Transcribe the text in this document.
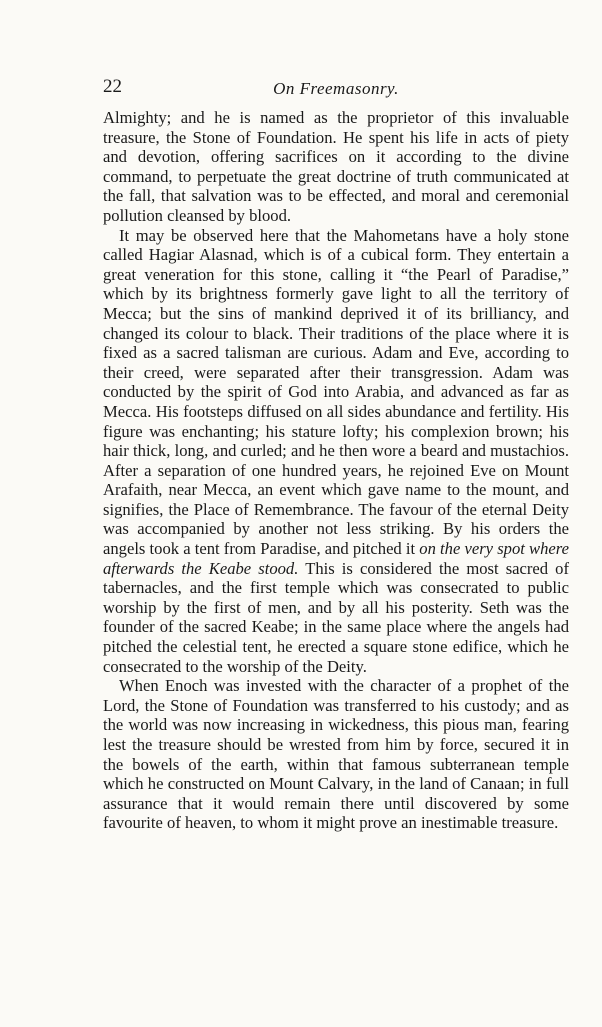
22	On Freemasonry.

Almighty; and he is named as the proprietor of this invaluable treasure, the Stone of Foundation. He spent his life in acts of piety and devotion, offering sacrifices on it according to the divine command, to perpetuate the great doctrine of truth communicated at the fall, that salvation was to be effected, and moral and ceremonial pollution cleansed by blood.

It may be observed here that the Mahometans have a holy stone called Hagiar Alasnad, which is of a cubical form. They entertain a great veneration for this stone, calling it “the Pearl of Paradise,” which by its brightness formerly gave light to all the territory of Mecca; but the sins of mankind deprived it of its brilliancy, and changed its colour to black. Their traditions of the place where it is fixed as a sacred talisman are curious. Adam and Eve, according to their creed, were separated after their transgression. Adam was conducted by the spirit of God into Arabia, and advanced as far as Mecca. His footsteps diffused on all sides abundance and fertility. His figure was enchanting; his stature lofty; his complexion brown; his hair thick, long, and curled; and he then wore a beard and mustachios. After a separation of one hundred years, he rejoined Eve on Mount Arafaith, near Mecca, an event which gave name to the mount, and signifies, the Place of Remembrance. The favour of the eternal Deity was accompanied by another not less striking. By his orders the angels took a tent from Paradise, and pitched it on the very spot where afterwards the Keabe stood. This is considered the most sacred of tabernacles, and the first temple which was consecrated to public worship by the first of men, and by all his posterity. Seth was the founder of the sacred Keabe; in the same place where the angels had pitched the celestial tent, he erected a square stone edifice, which he consecrated to the worship of the Deity.

When Enoch was invested with the character of a prophet of the Lord, the Stone of Foundation was transferred to his custody; and as the world was now increasing in wickedness, this pious man, fearing lest the treasure should be wrested from him by force, secured it in the bowels of the earth, within that famous subterranean temple which he constructed on Mount Calvary, in the land of Canaan; in full assurance that it would remain there until discovered by some favourite of heaven, to whom it might prove an inestimable treasure.
